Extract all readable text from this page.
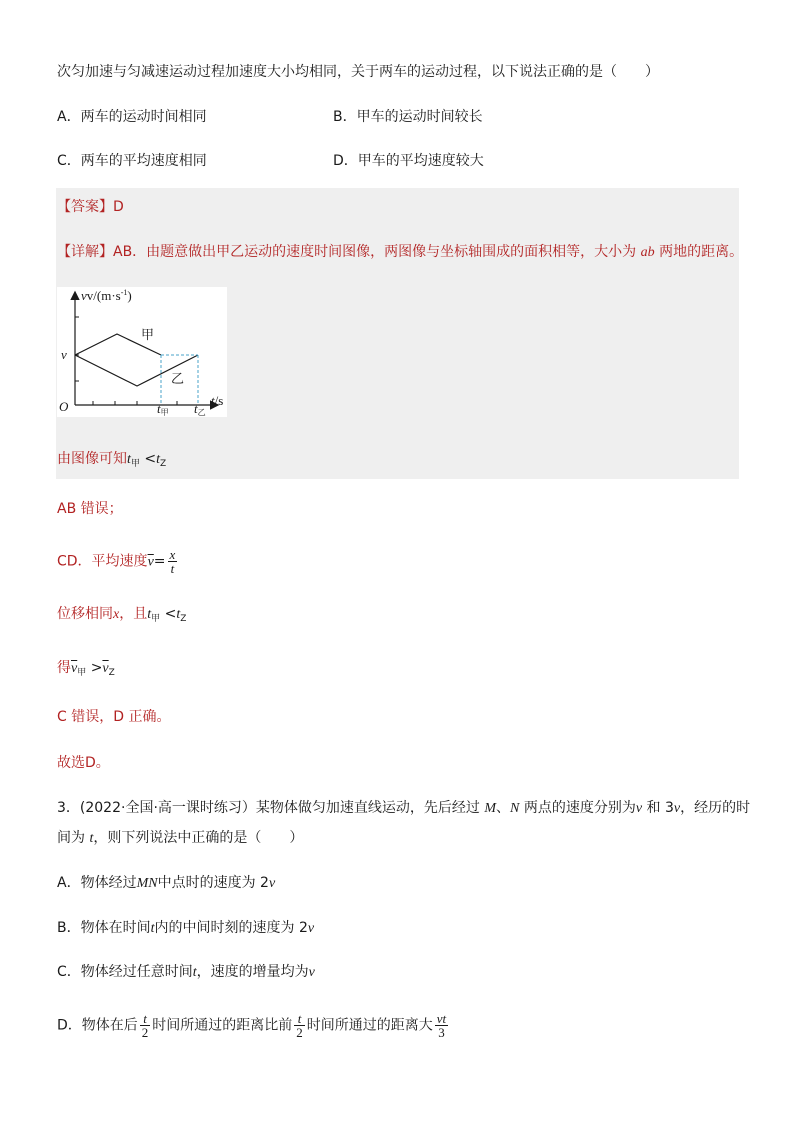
次匀加速与匀减速运动过程加速度大小均相同，关于两车的运动过程，以下说法正确的是（　　）
A．两车的运动时间相同	B．甲车的运动时间较长
C．两车的平均速度相同	D．甲车的平均速度较大
【答案】D
【详解】AB．由题意做出甲乙运动的速度时间图像，两图像与坐标轴围成的面积相等，大小为 ab 两地的距离。
$vv/(m\cdot s^{-1})$
甲
乙
v
O	t/s
t甲 t乙
由图像可知$t_甲 <t_Z$
AB 错误；
CD．平均速度$\overline{v}= \frac{x}{t}$
位移相同x，且$t_甲 <t_Z$
得$\overline{v}_甲 >\overline{v}_Z$
C 错误，D 正确。
故选D。
3．(2022·全国·高一课时练习）某物体做匀加速直线运动，先后经过 M、N 两点的速度分别为v 和 3v，经历的时
间为 t，则下列说法中正确的是（　　）
A．物体经过MN中点时的速度为 2v
B．物体在时间t内的中间时刻的速度为 2v
C．物体经过任意时间t，速度的增量均为v
D．物体在后 $\frac{t}{2}$ 时间所通过的距离比前 $\frac{t}{2}$ 时间所通过的距离大 $\frac{vt}{3}$
